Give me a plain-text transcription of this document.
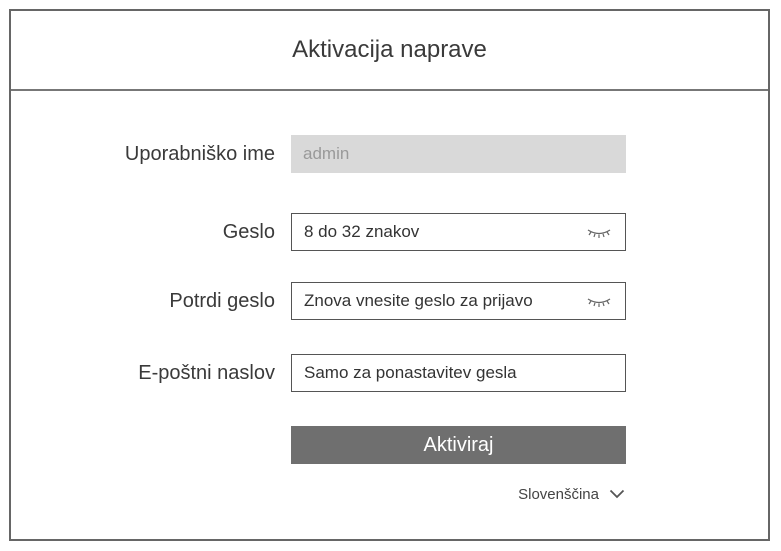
Aktivacija naprave
Uporabniško ime admin
Geslo 8 do 32 znakov
Potrdi geslo Znova vnesite geslo za prijavo
E-poštni naslov Samo za ponastavitev gesla
Aktiviraj
Slovenščina
